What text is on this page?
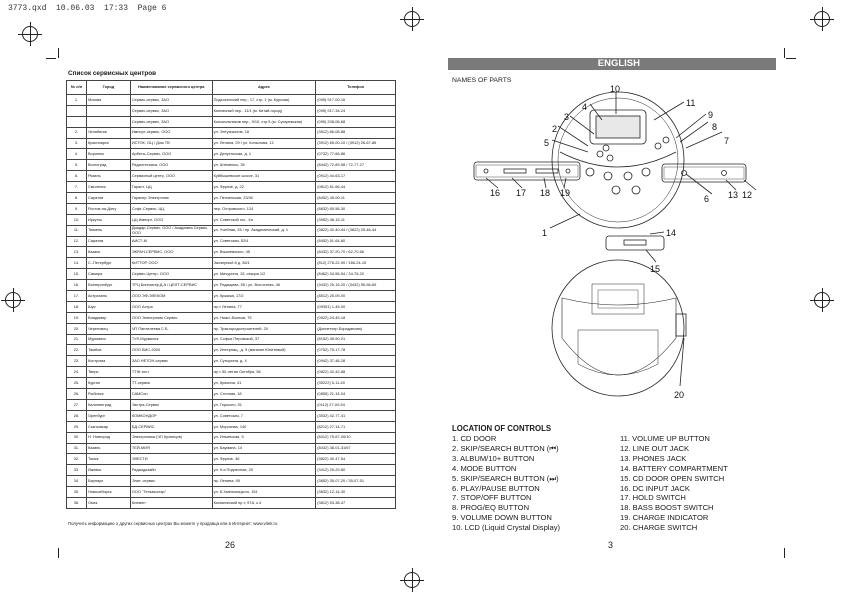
3773.qxd  10.06.03  17:33  Page 6
Список сервисных центров
№ п/п	Город	Наименование сервисного центра	Адрес	Телефон
1.	Москва	Сервис-сервис, ЗАО	Подсосенский пер., 17, стр. 1 (м. Курская)	(095) 917-00-16
		Сервис-сервис, ЗАО	Колпачный пер., 11/1 (м. Китай-город)	(095) 917-34-24
		Сервис-сервис, ЗАО	Колокольников пер., 9/10, стр.5 (м. Сухаревская)	(095) 208-06-68
2.	Челябинск	Импорт-сервис, ООО	ул. Энтузиастов, 16	(3512) 66-08-88
3.	Красноярск	ИСТОК, ОЦ / Дом ТВ	ул. Ленина, 29 / ул. Копылова, 12	(3912) 65-00-10 / (3912) 26-67-86
4.	Воронеж	Арбеты-Сервис, ООО	ул. Депутатская, д. 1	(0732) 77-66-86
5.	Волгоград	Радиотехника, ООО	ул. Штеменко, 35	(8442) 72-89-58 / 72-77-27
6.	Рязань	Сервисный центр, ООО	Куйбышевское шоссе, 31	(0912) 44-63-17
7.	Смоленск	Гарант, ЦЦ	ул. Фрунзе, д. 22	(0812) 61-66-44
8.	Саратов	Гаранер Электроник	ул. Пензенская, 23/40	(8452) 45-00-11
9.	Ростов-на-Дону	Софт-Сервис, ЦЦ	пер. Островского, 124	(8632) 65-56-30
10.	Иркутск	ЦЦ Импорт, ООО	ул. Советской гос., 4а	(3952) 46-15-11
11.	Тюмень	Диадар-Сервис, ООО / Академия-Сервис, ООО	ул. Учебная, 26 / пр. Академический, д. 1	(3822) 42-40-44 / (3822) 25-46-44
12.	Саратов	АИСТ-М	ул. Советская, 52/4	(8452) 51-64-80
13.	Казань	ЭКРАН-СЕРВИС, ООО	ул. Вишневского, 45	(8432) 37-20-70 / 62-70-66
14.	С.-Петербург	КИТТОР, ООО	Заозерный 8 д, 36/1	(812) 278-22-90 / 166-24-15
15.	Самара	Сервис-Центр, ООО	ул. Мичурина, 15, секция 1/2	(8462) 34-56-54 / 34-76-20
16.	Екатеринбург	ТРЦ Бингоинф.Д.А / ЦЕЛТ-СЕРВИС	ул. Радищева, 55 / ул. Восточная, 46	(3432) 25-15-20 / (3432) 55-56-69
17.	Астрахань	ООО ЭФ-ЭЛЕКОМ	ул. Кржижа, 17/2	(8512) 25-09-00
18.	Шуя	ООО Астра	пр-т Ленина, 77	(09351) 1-45-00
19.	Владимир	ООО Электроник Сервис	ул. Нижн.-Волхов, 75	(0922) 24-49-18
20.	Череповец	ЧП Пантелеева С.Б.	пр. Трактородостроителей, 20	(Диспетчер Бораданова)
21.	Мурманск	ТУЛ-Мурманск	ул. Софьи Перовской, 37	(8152) 45-50-01
22.	Тамбов	ООО БИС-2000	ул. Интернац., д. 5 (магазин Юпитевый)	(0752) 75-17-78
23.	Кострома	ЗАО НЕТОН-сервис	ул. Сутырина, д. 4	(0942) 37-46-28
24.	Тверь	ТТЖ-тест	пр-т 50-летия Октября, 56	(0822) 42-42-88
25.	Курган	ТТ-сервис	ул. Красина, 41	(35222) 5-11-40
26.	Рыбинск	САМСон	ул. Степная, 18	(0855) 21-14-04
27.	Калининград	Экстра-Сервис	ул. Горького, 51	(0112) 27-00-54
28.	Оренбург	КОМКОНДОР	ул. Советская, 7	(3532) 42-77-41
29.	Сыктывкар	БД-СЕРВИС	ул. Морозова, 140	(8212) 27-14-71
30.	Н. Новгород	Электроника (ЧП Кузнецов)	ул. Ильинская, 5	(8312) 75-67-00/10
31.	Казань	ТЕЙ-МИЯ	ул. Баумана, 14	(8432) 38-01-31/67
32.	Томск	ЭЛЕСТИ	ул. Фрунзе, 46	(3822) 40-47-54
33.	Ижевск	Радиодизайн	ул. 9-я Подлесная, 29	(3412) 25-29-80
34.	Барнаул	Элит. сервис	пр. Ленина, 95	(3852) 35-07-20 / 35-07-51
35.	Новосибирск	ООО "Тельмостар"	ул. Б.Хмельницкого, 151	(3832) 12-14-30
36.	Омск	Клемен	Космический пр-т, 97А, к.4	(3812) 53-38-47
Получить информацию о других сервисных центрах Вы можете у продавца или в Интернет: www.vitek.ru
26
ENGLISH
NAMES OF PARTS
10
11
9
8
7
4
3
2
5
6
1	14
15
16 17 18 19	13 12
20
LOCATION OF CONTROLS
1. CD DOOR
2. SKIP/SEARCH BUTTON (⏮)
3. ALBUM/10+ BUTTON
4. MODE BUTTON
5. SKIP/SEARCH BUTTON (⏭)
6. PLAY/PAUSE BUTTON
7. STOP/OFF BUTTON
8. PROG/EQ BUTTON
9. VOLUME DOWN BUTTON
10. LCD (Liquid Crystal Display)
11. VOLUME UP BUTTON
12. LINE OUT JACK
13. PHONES JACK
14. BATTERY COMPARTMENT
15. CD DOOR OPEN SWITCH
16. DC INPUT JACK
17. HOLD SWITCH
18. BASS BOOST SWITCH
19. CHARGE INDICATOR
20. CHARGE SWITCH
3
